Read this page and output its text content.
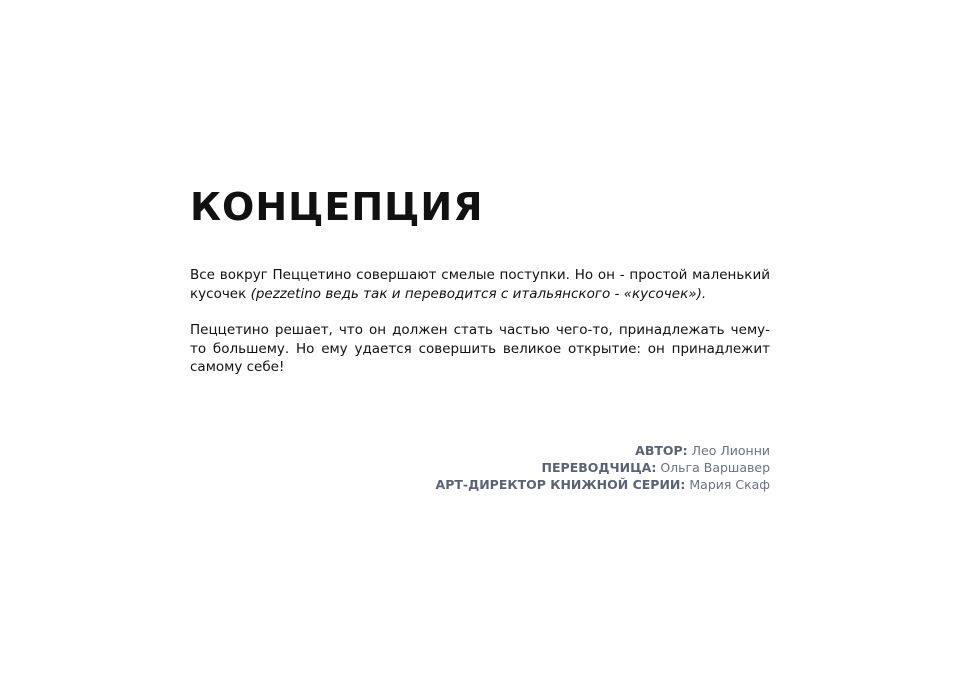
КОНЦЕПЦИЯ

Все вокруг Пеццетино совершают смелые поступки. Но он - простой маленький кусочек (pezzetino ведь так и переводится с итальянского - «кусочек»).

Пеццетино решает, что он должен стать частью чего-то, принадлежать чему-то большему. Но ему удается совершить великое открытие: он принадлежит самому себе!

АВТОР: Лео Лионни
ПЕРЕВОДЧИЦА: Ольга Варшавер
АРТ-ДИРЕКТОР КНИЖНОЙ СЕРИИ: Мария Скаф
